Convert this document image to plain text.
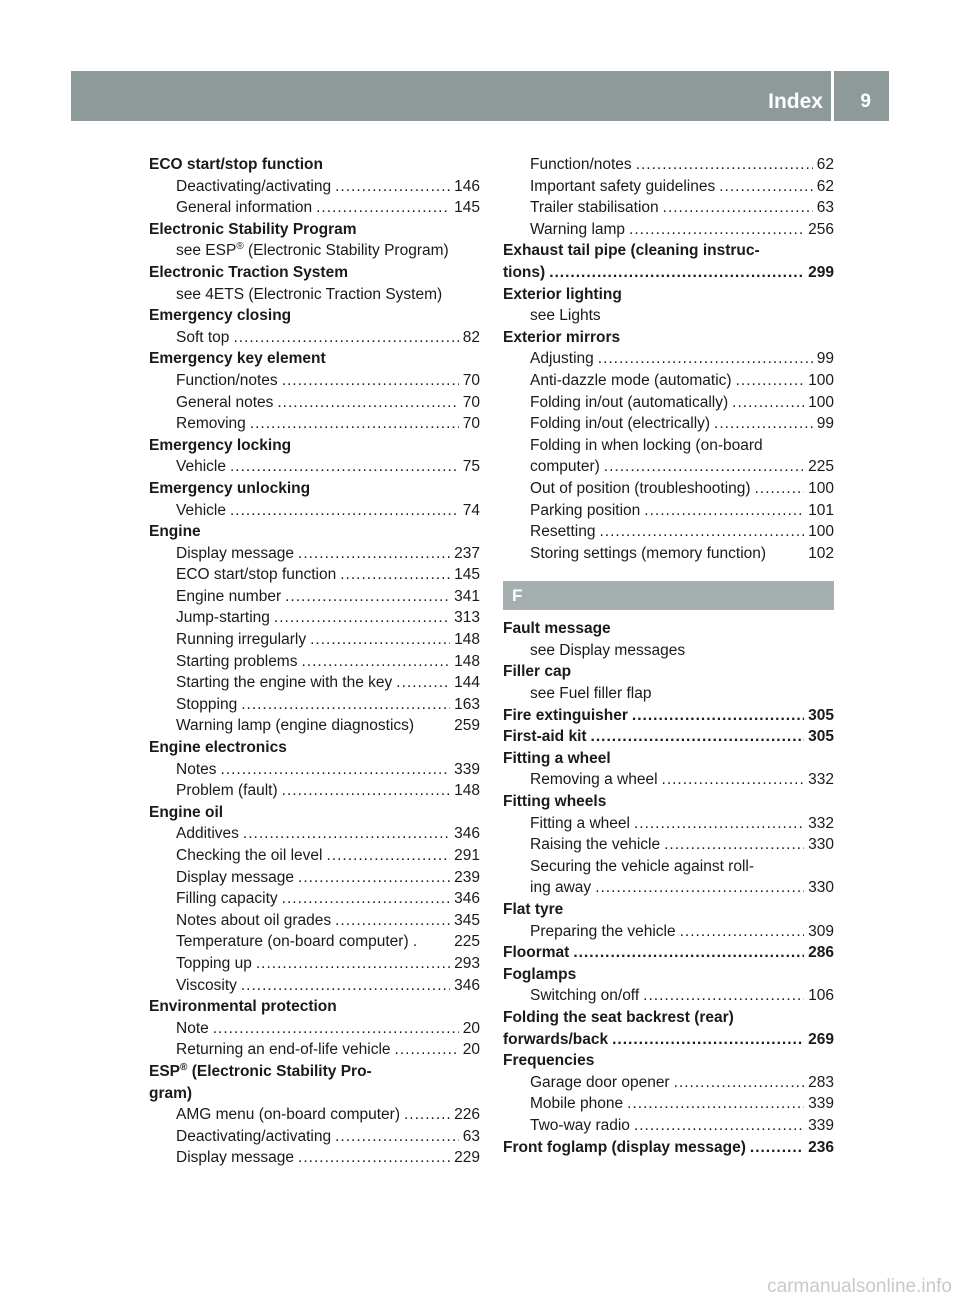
Index 9
ECO start/stop function
Deactivating/activating .....	146
General information .....	145
Electronic Stability Program
see ESP® (Electronic Stability Program)
Electronic Traction System
see 4ETS (Electronic Traction System)
Emergency closing
Soft top .....	82
Emergency key element
Function/notes .....	70
General notes .....	70
Removing .....	70
Emergency locking
Vehicle .....	75
Emergency unlocking
Vehicle .....	74
Engine
Display message .....	237
ECO start/stop function .....	145
Engine number .....	341
Jump-starting .....	313
Running irregularly .....	148
Starting problems .....	148
Starting the engine with the key .....	144
Stopping .....	163
Warning lamp (engine diagnostics)	259
Engine electronics
Notes .....	339
Problem (fault) .....	148
Engine oil
Additives .....	346
Checking the oil level .....	291
Display message .....	239
Filling capacity .....	346
Notes about oil grades .....	345
Temperature (on-board computer) . 225
Topping up .....	293
Viscosity .....	346
Environmental protection
Note .....	20
Returning an end-of-life vehicle .....	20
ESP® (Electronic Stability Pro-
gram)
AMG menu (on-board computer) .....	226
Deactivating/activating .....	63
Display message .....	229
Function/notes .....	62
Important safety guidelines .....	62
Trailer stabilisation .....	63
Warning lamp .....	256
Exhaust tail pipe (cleaning instruc-
tions) .....	299
Exterior lighting
see Lights
Exterior mirrors
Adjusting .....	99
Anti-dazzle mode (automatic) .....	100
Folding in/out (automatically) .....	100
Folding in/out (electrically) .....	99
Folding in when locking (on-board
computer) .....	225
Out of position (troubleshooting) .....	100
Parking position .....	101
Resetting .....	100
Storing settings (memory function)	102
F
Fault message
see Display messages
Filler cap
see Fuel filler flap
Fire extinguisher .....	305
First-aid kit .....	305
Fitting a wheel
Removing a wheel .....	332
Fitting wheels
Fitting a wheel .....	332
Raising the vehicle .....	330
Securing the vehicle against roll-
ing away .....	330
Flat tyre
Preparing the vehicle .....	309
Floormat .....	286
Foglamps
Switching on/off .....	106
Folding the seat backrest (rear)
forwards/back .....	269
Frequencies
Garage door opener .....	283
Mobile phone .....	339
Two-way radio .....	339
Front foglamp (display message) .....	236
carmanualsonline.info
